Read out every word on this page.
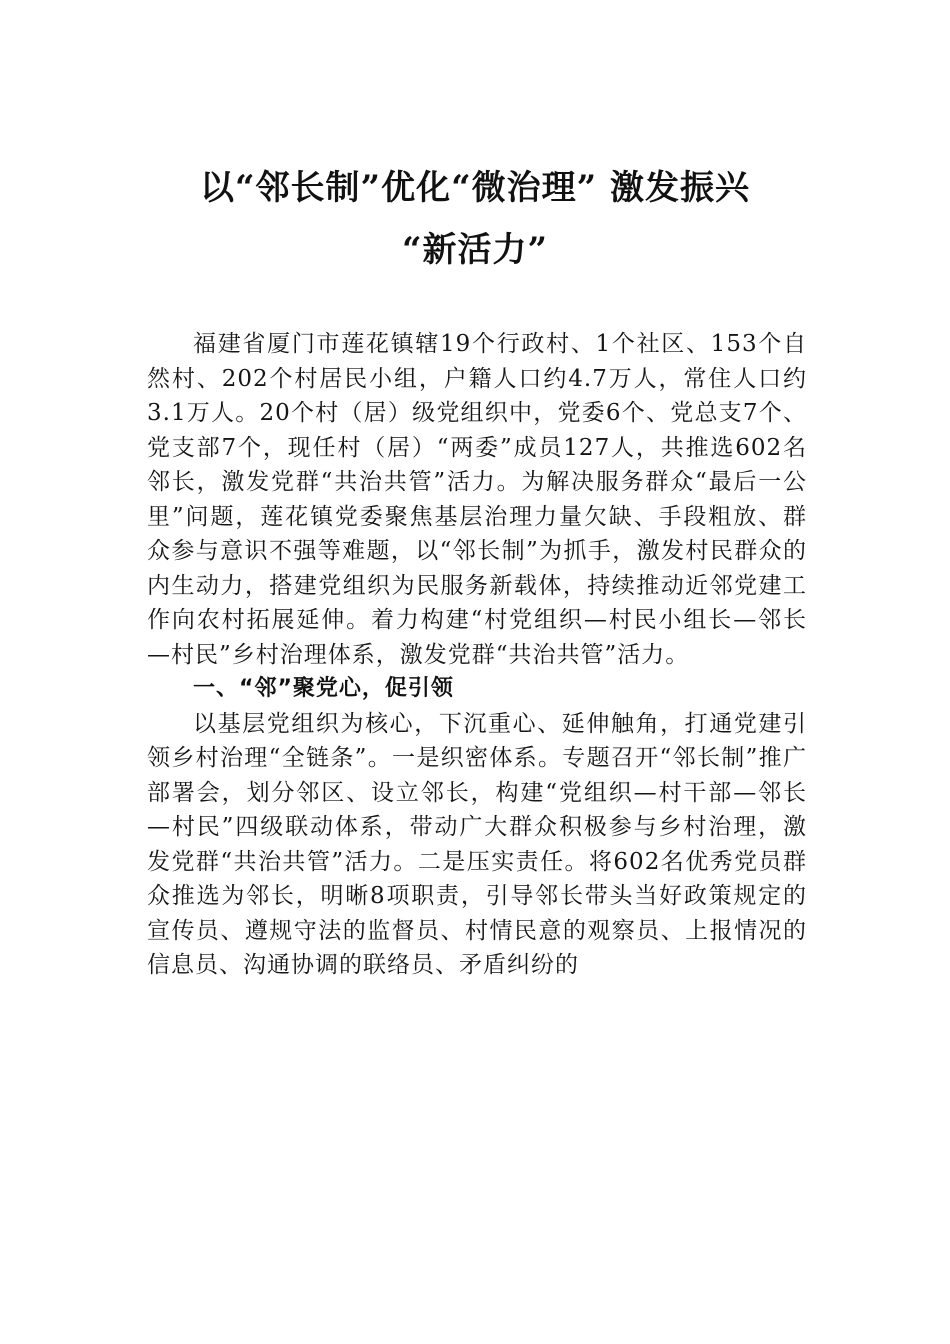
以“邻长制”优化“微治理” 激发振兴
“新活力”

福建省厦门市莲花镇辖19个行政村、1个社区、153个自然村、202个村居民小组，户籍人口约4.7万人，常住人口约3.1万人。20个村（居）级党组织中，党委6个、党总支7个、党支部7个，现任村（居）“两委”成员127人，共推选602名邻长，激发党群“共治共管”活力。为解决服务群众“最后一公里”问题，莲花镇党委聚焦基层治理力量欠缺、手段粗放、群众参与意识不强等难题，以“邻长制”为抓手，激发村民群众的内生动力，搭建党组织为民服务新载体，持续推动近邻党建工作向农村拓展延伸。着力构建“村党组织—村民小组长—邻长—村民”乡村治理体系，激发党群“共治共管”活力。

一、“邻”聚党心，促引领

以基层党组织为核心，下沉重心、延伸触角，打通党建引领乡村治理“全链条”。一是织密体系。专题召开“邻长制”推广部署会，划分邻区、设立邻长，构建“党组织—村干部—邻长—村民”四级联动体系，带动广大群众积极参与乡村治理，激发党群“共治共管”活力。二是压实责任。将602名优秀党员群众推选为邻长，明晰8项职责，引导邻长带头当好政策规定的宣传员、遵规守法的监督员、村情民意的观察员、上报情况的信息员、沟通协调的联络员、矛盾纠纷的
